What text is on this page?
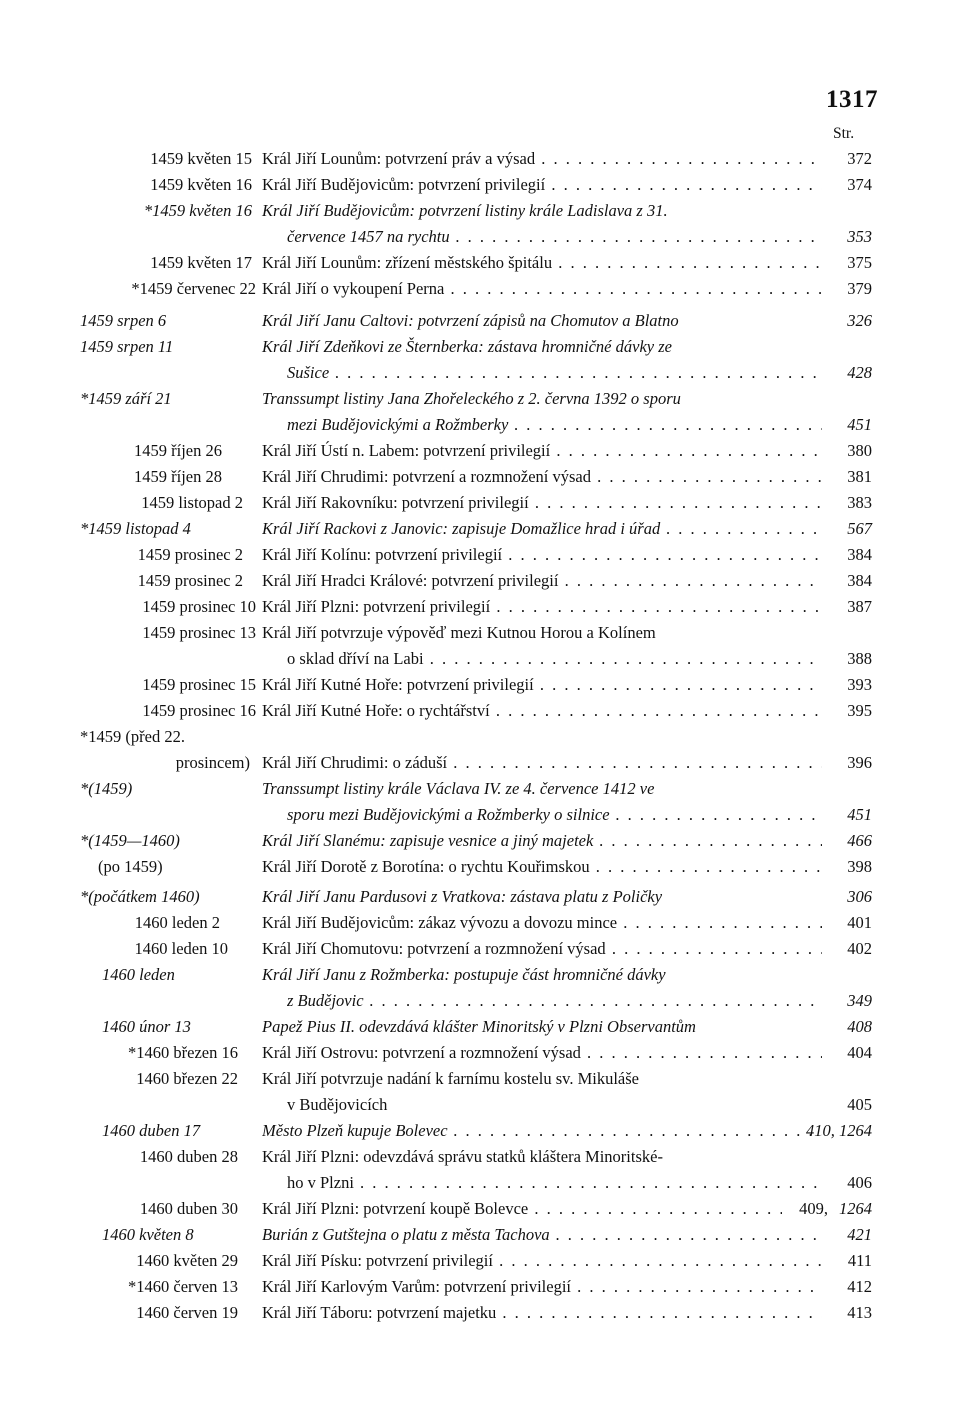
1317
Str.
1459 květen 15 Král Jiří Lounům: potvrzení práv a výsad . . .	372
1459 květen 16 Král Jiří Budějovicům: potvrzení privilegií . . .	374
*1459 květen 16 Král Jiří Budějovicům: potvrzení listiny krále Ladislava z 31.
července 1457 na rychtu . . .	353
1459 květen 17 Král Jiří Lounům: zřízení městského špitálu . . .	375
*1459 červenec 22 Král Jiří o vykoupení Perna . . .	379
1459 srpen 6	Král Jiří Janu Caltovi: potvrzení zápisů na Chomutov a Blatno	326
1459 srpen 11	Král Jiří Zdeňkovi ze Šternberka: zástava hromničné dávky ze
Sušice . . .	428
*1459 září 21	Transsumpt listiny Jana Zhořeleckého z 2. června 1392 o sporu
mezi Budějovickými a Rožmberky . . .	451
1459 říjen 26 Král Jiří Ústí n. Labem: potvrzení privilegií . . .	380
1459 říjen 28 Král Jiří Chrudimi: potvrzení a rozmnožení výsad . . .	381
1459 listopad 2 Král Jiří Rakovníku: potvrzení privilegií . . .	383
*1459 listopad 4	Král Jiří Rackovi z Janovic: zapisuje Domažlice hrad i úřad . . .	567
1459 prosinec 2 Král Jiří Kolínu: potvrzení privilegií . . .	384
1459 prosinec 2 Král Jiří Hradci Králové: potvrzení privilegií . . .	384
1459 prosinec 10 Král Jiří Plzni: potvrzení privilegií . . .	387
1459 prosinec 13 Král Jiří potvrzuje výpověď mezi Kutnou Horou a Kolínem
o sklad dříví na Labi . . .	388
1459 prosinec 15 Král Jiří Kutné Hoře: potvrzení privilegií . . .	393
1459 prosinec 16 Král Jiří Kutné Hoře: o rychtářství . . .	395
*1459 (před 22.
prosincem) Král Jiří Chrudimi: o záduší . . .	396
*(1459)	Transsumpt listiny krále Václava IV. ze 4. července 1412 ve
sporu mezi Budějovickými a Rožmberky o silnice . . .	451
*(1459—1460)	Král Jiří Slanému: zapisuje vesnice a jiný majetek . . .	466
(po 1459)	Král Jiří Dorotě z Borotína: o rychtu Kouřimskou . . .	398
*(počátkem 1460)	Král Jiří Janu Pardusovi z Vratkova: zástava platu z Poličky	306
1460 leden 2	Král Jiří Budějovicům: zákaz vývozu a dovozu mince . . .	401
1460 leden 10 Král Jiří Chomutovu: potvrzení a rozmnožení výsad . . .	402
1460 leden	Král Jiří Janu z Rožmberka: postupuje část hromničné dávky
z Budějovic . . .	349
1460 únor 13	Papež Pius II. odevzdává klášter Minoritský v Plzni Observantům	408
*1460 březen 16 Král Jiří Ostrovu: potvrzení a rozmnožení výsad . . .	404
1460 březen 22 Král Jiří potvrzuje nadání k farnímu kostelu sv. Mikuláše
v Budějovicích	405
1460 duben 17	Město Plzeň kupuje Bolevec . . .	410, 1264
1460 duben 28 Král Jiří Plzni: odevzdává správu statků kláštera Minoritské-
ho v Plzni . . .	406
1460 duben 30 Král Jiří Plzni: potvrzení koupě Bolevce . . .	409, 1264
1460 květen 8	Burián z Gutštejna o platu z města Tachova . . .	421
1460 květen 29 Král Jiří Písku: potvrzení privilegií . . .	411
*1460 červen 13 Král Jiří Karlovým Varům: potvrzení privilegií . . .	412
1460 červen 19 Král Jiří Táboru: potvrzení majetku . . .	413
